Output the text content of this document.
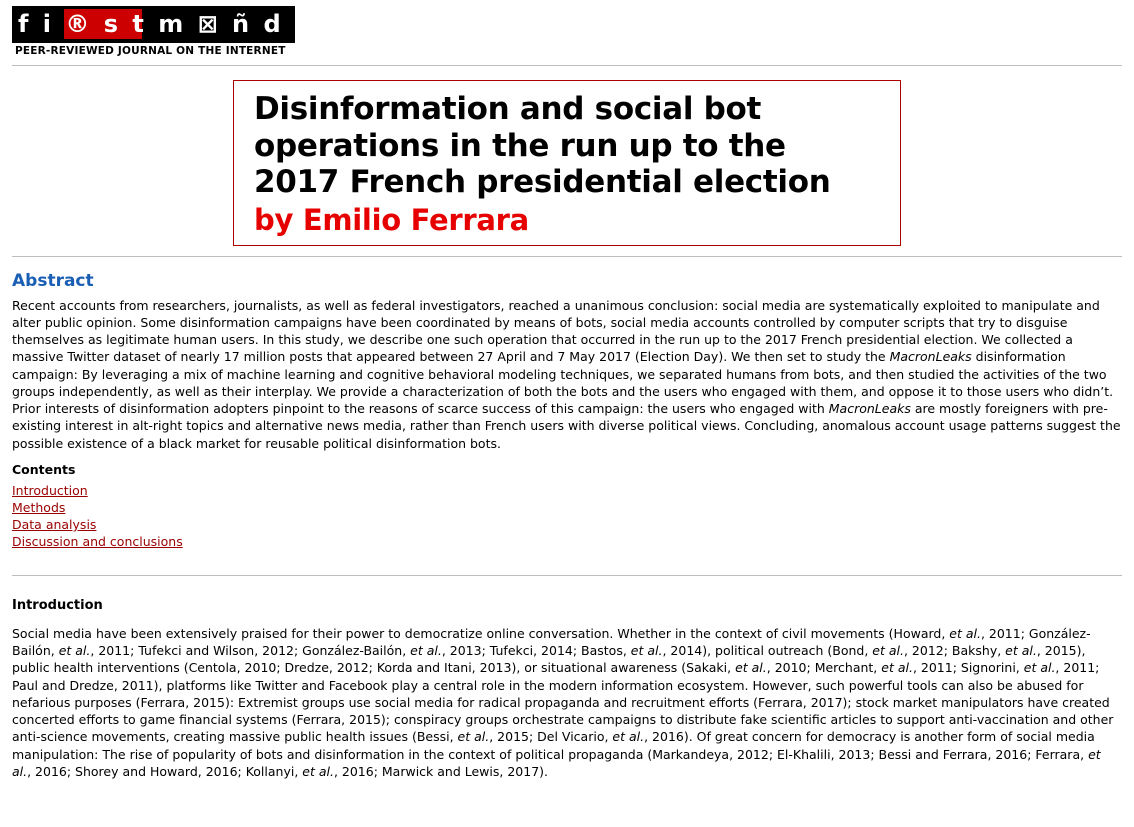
f i ® s t m ⊠ ñ d @ ¥
PEER-REVIEWED JOURNAL ON THE INTERNET
Disinformation and social bot
operations in the run up to the
2017 French presidential election
by Emilio Ferrara
Abstract

Recent accounts from researchers, journalists, as well as federal investigators, reached a unanimous conclusion: social media are systematically exploited to manipulate and alter public opinion. Some disinformation campaigns have been coordinated by means of bots, social media accounts controlled by computer scripts that try to disguise themselves as legitimate human users. In this study, we describe one such operation that occurred in the run up to the 2017 French presidential election. We collected a massive Twitter dataset of nearly 17 million posts that appeared between 27 April and 7 May 2017 (Election Day). We then set to study the MacronLeaks disinformation campaign: By leveraging a mix of machine learning and cognitive behavioral modeling techniques, we separated humans from bots, and then studied the activities of the two groups independently, as well as their interplay. We provide a characterization of both the bots and the users who engaged with them, and oppose it to those users who didn’t. Prior interests of disinformation adopters pinpoint to the reasons of scarce success of this campaign: the users who engaged with MacronLeaks are mostly foreigners with pre-existing interest in alt-right topics and alternative news media, rather than French users with diverse political views. Concluding, anomalous account usage patterns suggest the possible existence of a black market for reusable political disinformation bots.

Contents
Introduction
Methods
Data analysis
Discussion and conclusions
Introduction

Social media have been extensively praised for their power to democratize online conversation. Whether in the context of civil movements (Howard, et al., 2011; González-Bailón, et al., 2011; Tufekci and Wilson, 2012; González-Bailón, et al., 2013; Tufekci, 2014; Bastos, et al., 2014), political outreach (Bond, et al., 2012; Bakshy, et al., 2015), public health interventions (Centola, 2010; Dredze, 2012; Korda and Itani, 2013), or situational awareness (Sakaki, et al., 2010; Merchant, et al., 2011; Signorini, et al., 2011; Paul and Dredze, 2011), platforms like Twitter and Facebook play a central role in the modern information ecosystem. However, such powerful tools can also be abused for nefarious purposes (Ferrara, 2015): Extremist groups use social media for radical propaganda and recruitment efforts (Ferrara, 2017); stock market manipulators have created concerted efforts to game financial systems (Ferrara, 2015); conspiracy groups orchestrate campaigns to distribute fake scientific articles to support anti-vaccination and other anti-science movements, creating massive public health issues (Bessi, et al., 2015; Del Vicario, et al., 2016). Of great concern for democracy is another form of social media manipulation: The rise of popularity of bots and disinformation in the context of political propaganda (Markandeya, 2012; El-Khalili, 2013; Bessi and Ferrara, 2016; Ferrara, et al., 2016; Shorey and Howard, 2016; Kollanyi, et al., 2016; Marwick and Lewis, 2017).
